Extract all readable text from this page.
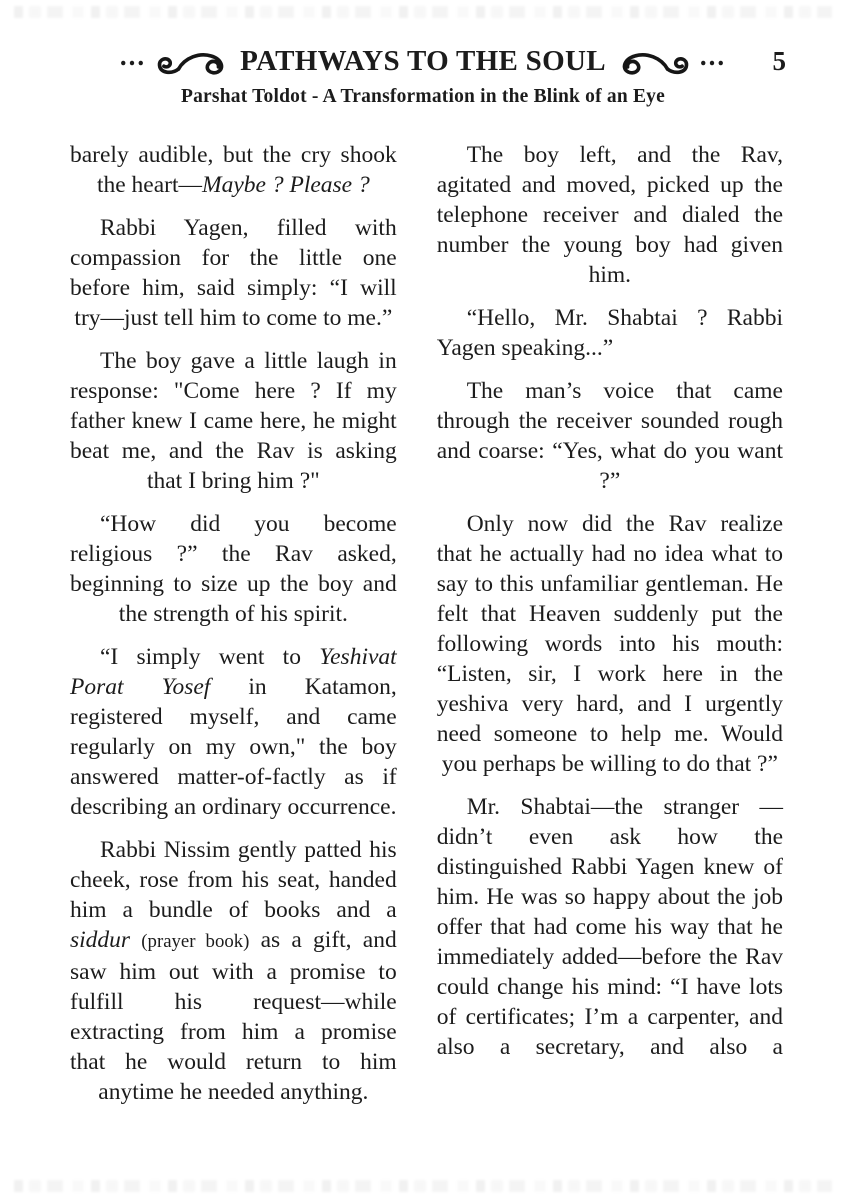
...	PATHWAYS TO THE SOUL	... 5
Parshat Toldot - A Transformation in the Blink of an Eye

barely audible, but the cry shook the heart—Maybe ? Please ?

Rabbi Yagen, filled with compassion for the little one before him, said simply: “I will try—just tell him to come to me.”

The boy gave a little laugh in response: "Come here ? If my father knew I came here, he might beat me, and the Rav is asking that I bring him ?"

“How did you become religious ?” the Rav asked, beginning to size up the boy and the strength of his spirit.

“I simply went to Yeshivat Porat Yosef in Katamon, registered myself, and came regularly on my own," the boy answered matter-of-factly as if describing an ordinary occurrence.

Rabbi Nissim gently patted his cheek, rose from his seat, handed him a bundle of books and a siddur (prayer book) as a gift, and saw him out with a promise to fulfill his request—while extracting from him a promise that he would return to him anytime he needed anything.

The boy left, and the Rav, agitated and moved, picked up the telephone receiver and dialed the number the young boy had given him.

“Hello, Mr. Shabtai ? Rabbi Yagen speaking...”

The man’s voice that came through the receiver sounded rough and coarse: “Yes, what do you want ?”

Only now did the Rav realize that he actually had no idea what to say to this unfamiliar gentleman. He felt that Heaven suddenly put the following words into his mouth: “Listen, sir, I work here in the yeshiva very hard, and I urgently need someone to help me. Would you perhaps be willing to do that ?”

Mr. Shabtai—the stranger —didn’t even ask how the distinguished Rabbi Yagen knew of him. He was so happy about the job offer that had come his way that he immediately added—before the Rav could change his mind: “I have lots of certificates; I’m a carpenter, and also a secretary, and also a
